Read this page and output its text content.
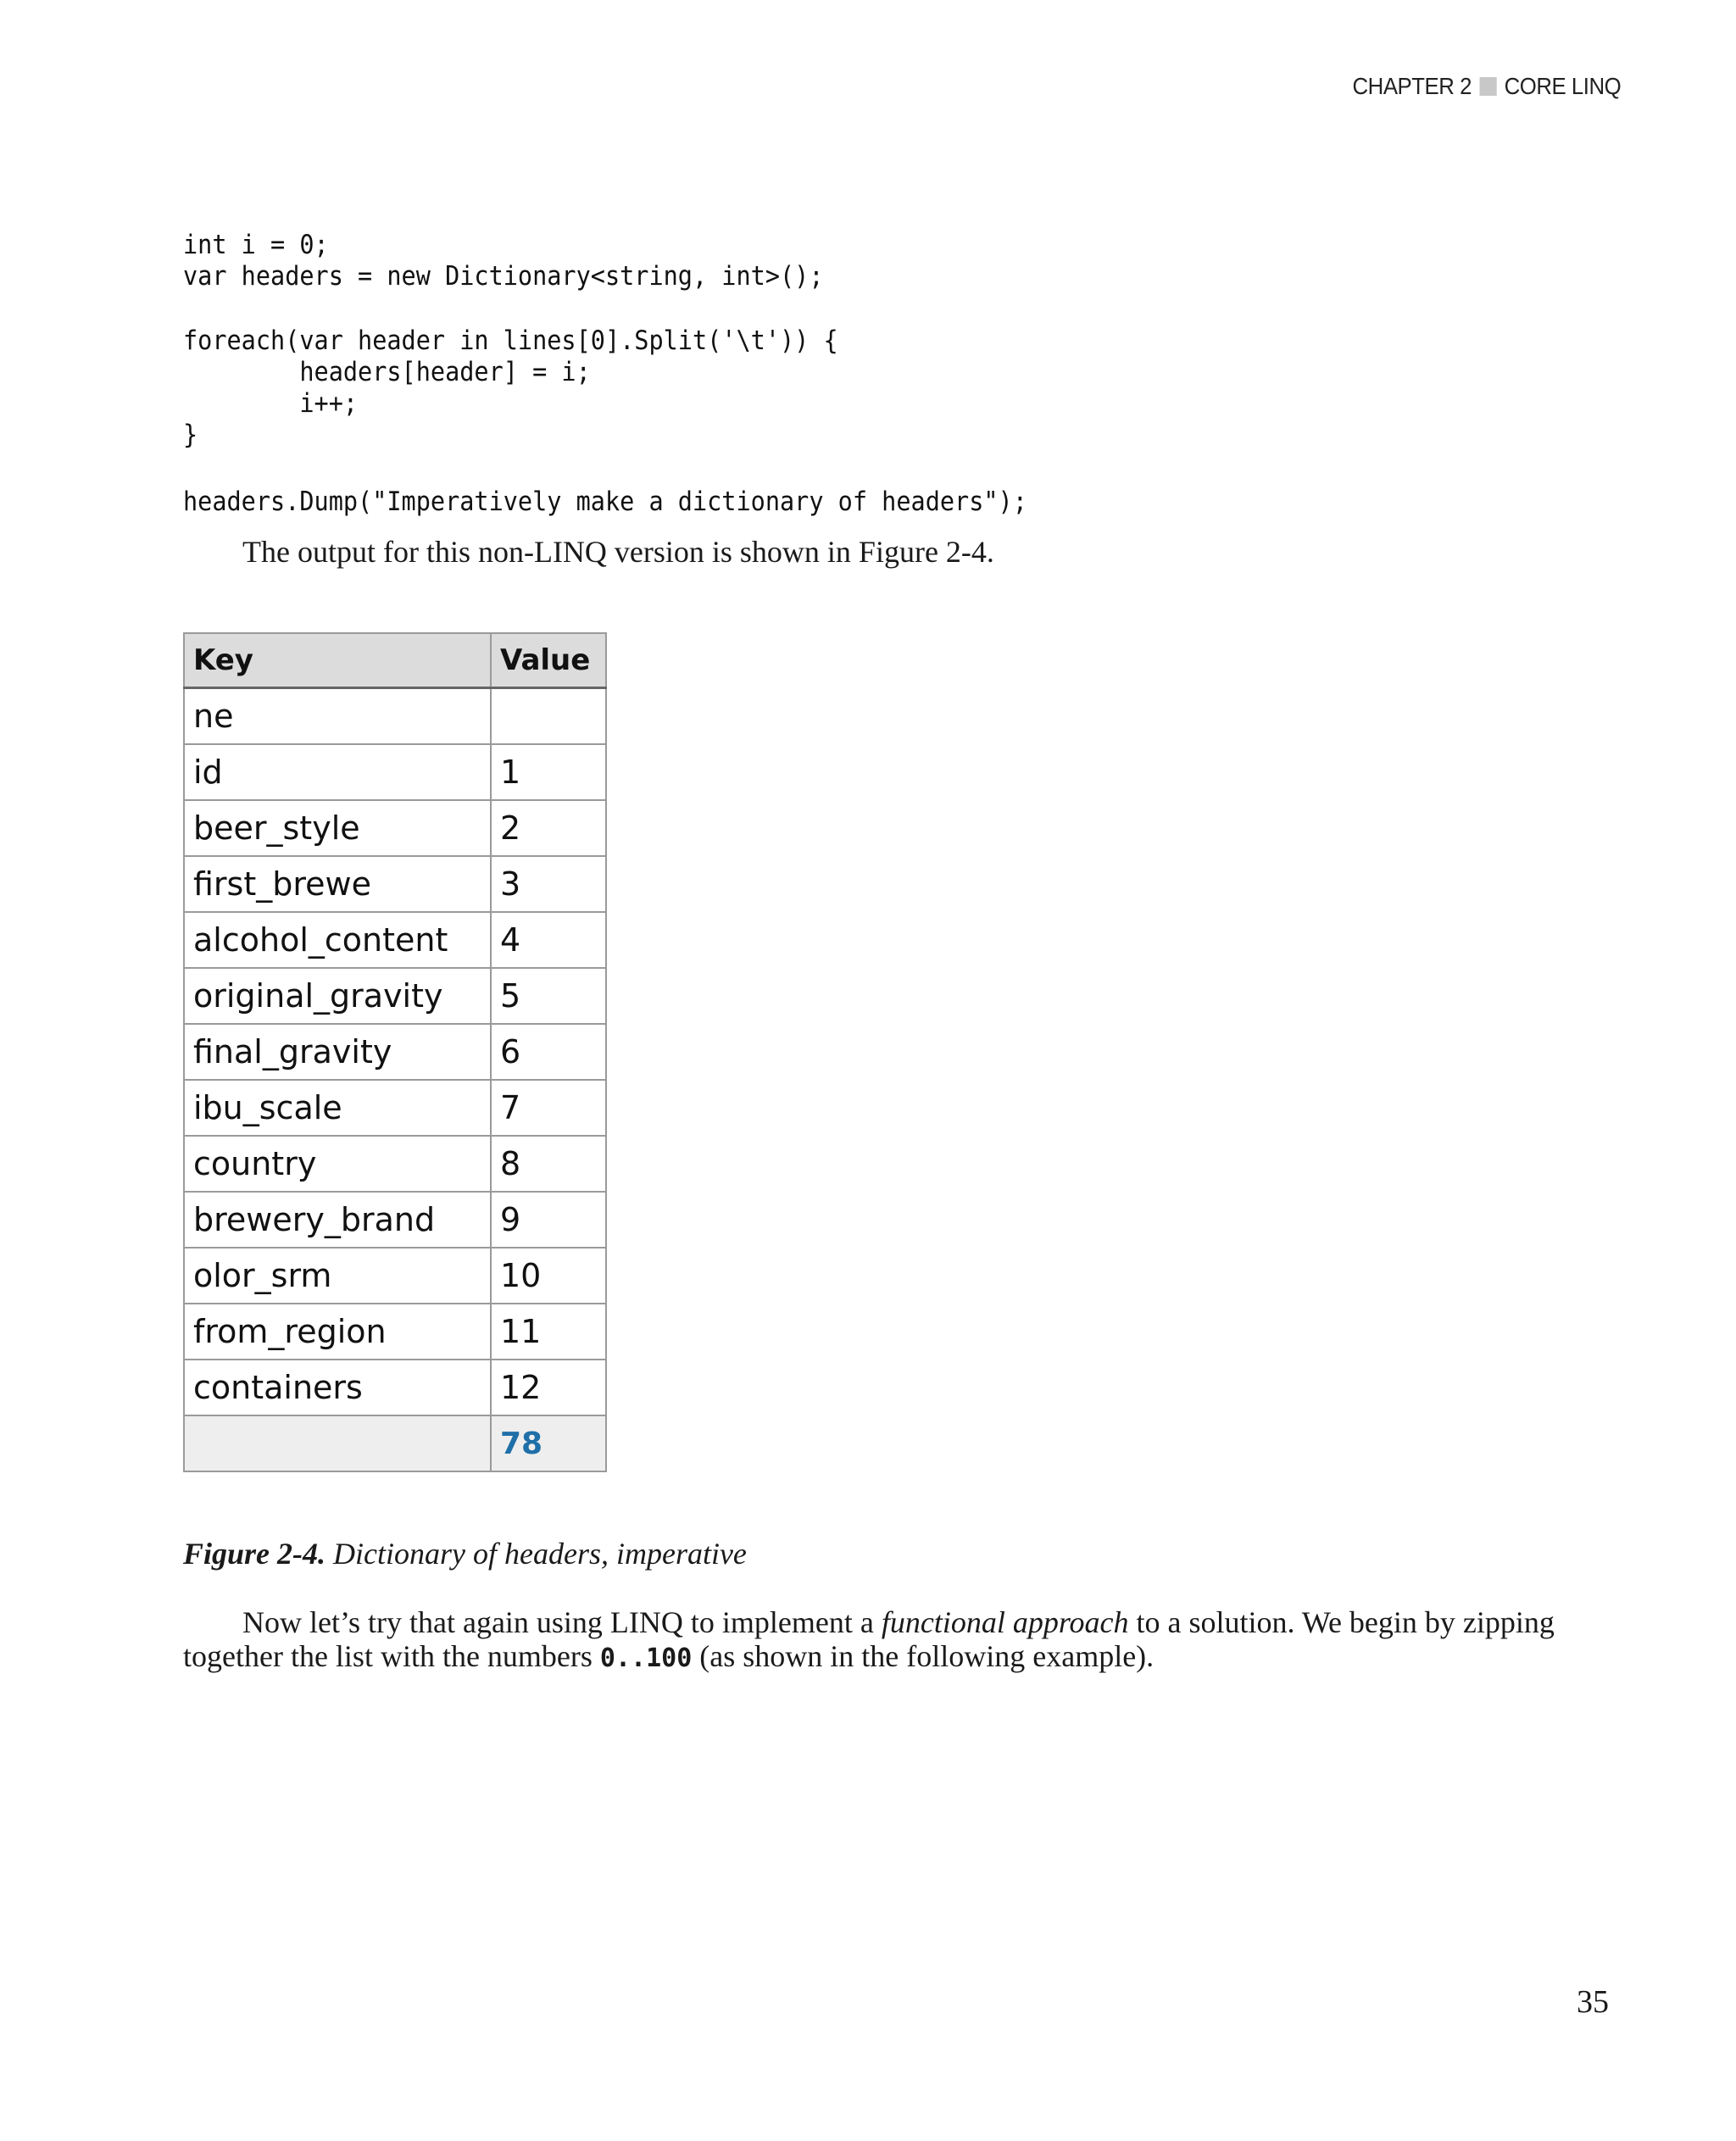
CHAPTER 2 CORE LINQ
int i = 0;
var headers = new Dictionary<string, int>();
foreach(var header in lines[0].Split('\t')) {
headers[header] = i;
i++;
}
headers.Dump("Imperatively make a dictionary of headers");
The output for this non-LINQ version is shown in Figure 2-4.
Key	Value
ne	
id	1
beer_style	2
first_brewe	3
alcohol_content	4
original_gravity	5
final_gravity	6
ibu_scale	7
country	8
brewery_brand	9
olor_srm	10
from_region	11
containers	12
	78
Figure 2-4. Dictionary of headers, imperative
Now let’s try that again using LINQ to implement a functional approach to a solution. We begin by zipping together the list with the numbers 0..100 (as shown in the following example).
35
